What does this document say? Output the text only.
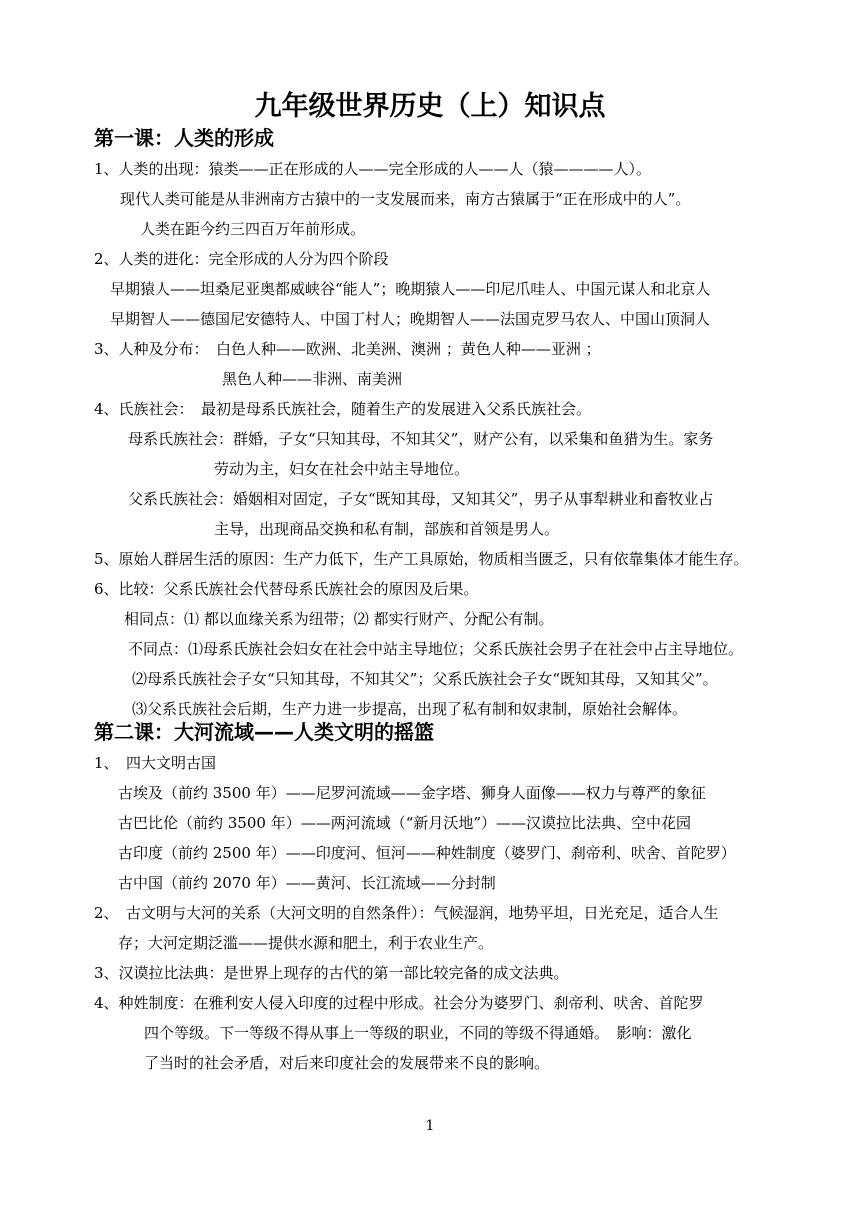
九年级世界历史（上）知识点
第一课：人类的形成
1、人类的出现：猿类——正在形成的人——完全形成的人——人（猿————人）。
现代人类可能是从非洲南方古猿中的一支发展而来，南方古猿属于“正在形成中的人”。
人类在距今约三四百万年前形成。
2、人类的进化：完全形成的人分为四个阶段
早期猿人——坦桑尼亚奥都威峡谷“能人”；晚期猿人——印尼爪哇人、中国元谋人和北京人
早期智人——德国尼安德特人、中国丁村人；晚期智人——法国克罗马农人、中国山顶洞人
3、人种及分布：　白色人种——欧洲、北美洲、澳洲 ；黄色人种——亚洲 ；
黑色人种——非洲、南美洲
4、氏族社会：　最初是母系氏族社会，随着生产的发展进入父系氏族社会。
母系氏族社会：群婚，子女“只知其母，不知其父”，财产公有，以采集和鱼猎为生。家务
劳动为主，妇女在社会中站主导地位。
父系氏族社会：婚姻相对固定，子女“既知其母，又知其父”，男子从事犁耕业和畜牧业占
主导，出现商品交换和私有制，部族和首领是男人。
5、原始人群居生活的原因：生产力低下，生产工具原始，物质相当匮乏，只有依靠集体才能生存。
6、比较：父系氏族社会代替母系氏族社会的原因及后果。
相同点：⑴ 都以血缘关系为纽带；⑵ 都实行财产、分配公有制。
不同点：⑴母系氏族社会妇女在社会中站主导地位；父系氏族社会男子在社会中占主导地位。
⑵母系氏族社会子女“只知其母，不知其父”；父系氏族社会子女“既知其母，又知其父”。
⑶父系氏族社会后期，生产力进一步提高，出现了私有制和奴隶制，原始社会解体。
第二课：大河流域——人类文明的摇篮
1、　四大文明古国
古埃及（前约 3500 年）——尼罗河流域——金字塔、狮身人面像——权力与尊严的象征
古巴比伦（前约 3500 年）——两河流域（“新月沃地”）——汉谟拉比法典、空中花园
古印度（前约 2500 年）——印度河、恒河——种姓制度（婆罗门、刹帝利、吠舍、首陀罗）
古中国（前约 2070 年）——黄河、长江流域——分封制
2、　古文明与大河的关系（大河文明的自然条件）：气候湿润，地势平坦，日光充足，适合人生
存；大河定期泛滥——提供水源和肥土，利于农业生产。
3、汉谟拉比法典：是世界上现存的古代的第一部比较完备的成文法典。
4、种姓制度：在雅利安人侵入印度的过程中形成。社会分为婆罗门、刹帝利、吠舍、首陀罗
四个等级。下一等级不得从事上一等级的职业，不同的等级不得通婚。　影响：激化
了当时的社会矛盾，对后来印度社会的发展带来不良的影响。
1
